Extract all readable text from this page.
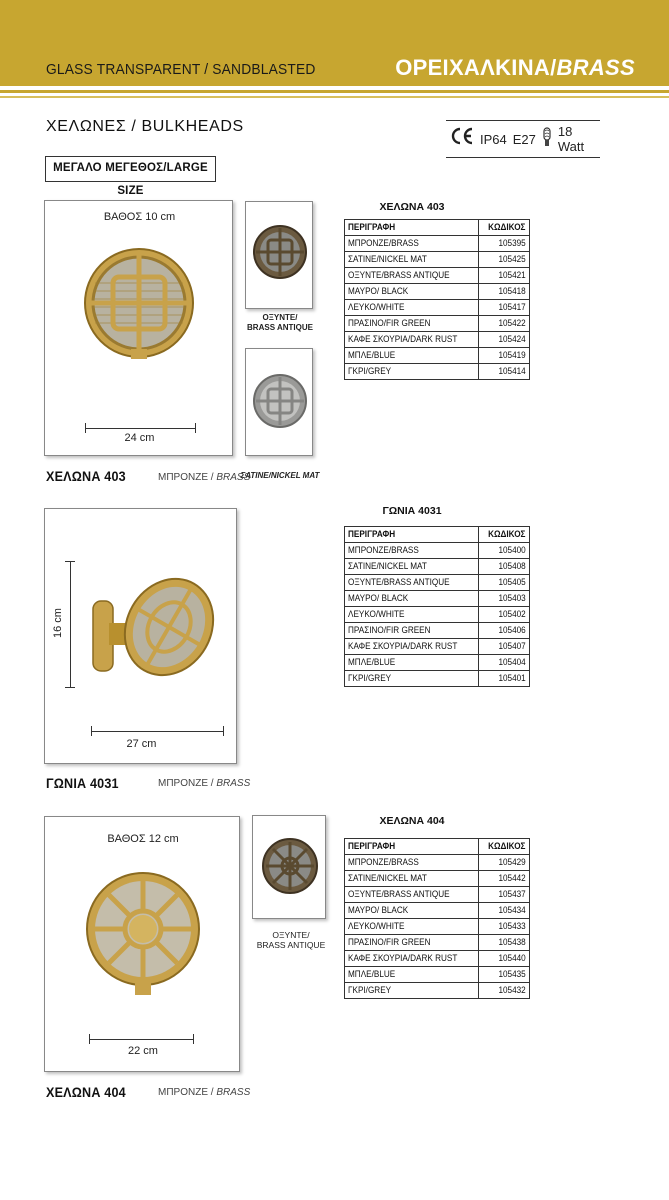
GLASS TRANSPARENT / SANDBLASTED	ΟΡΕΙΧΑΛΚΙΝΑ/BRASS
ΧΕΛΩΝΕΣ / BULKHEADS
ΜΕΓΑΛΟ ΜΕΓΕΘΟΣ/LARGE SIZE
IP64 E27 18 Watt
ΒΑΘΟΣ 10 cm
24 cm
ΟΞΥΝΤΕ/
BRASS ANTIQUE
ΣΑΤΙΝΕ/NICKEL MAT
ΧΕΛΩΝΑ 403	ΜΠΡΟΝΖΕ / BRASS
ΧΕΛΩΝΑ 403
ΠΕΡΙΓΡΑΦΗ	ΚΩΔΙΚΟΣ
ΜΠΡΟΝΖΕ/BRASS	105395
ΣΑΤΙΝΕ/NICKEL MAT	105425
ΟΞΥΝΤΕ/BRASS ANTIQUE	105421
ΜΑΥΡΟ/ BLACK	105418
ΛΕΥΚΟ/WHITE	105417
ΠΡΑΣΙΝΟ/FIR GREEN	105422
ΚΑΦΕ ΣΚΟΥΡΙΑ/DARK RUST	105424
ΜΠΛΕ/BLUE	105419
ΓΚΡΙ/GREY	105414
16 cm
27 cm
ΓΩΝΙΑ 4031	ΜΠΡΟΝΖΕ / BRASS
ΓΩΝΙΑ 4031
ΠΕΡΙΓΡΑΦΗ	ΚΩΔΙΚΟΣ
ΜΠΡΟΝΖΕ/BRASS	105400
ΣΑΤΙΝΕ/NICKEL MAT	105408
ΟΞΥΝΤΕ/BRASS ANTIQUE	105405
ΜΑΥΡΟ/ BLACK	105403
ΛΕΥΚΟ/WHITE	105402
ΠΡΑΣΙΝΟ/FIR GREEN	105406
ΚΑΦΕ ΣΚΟΥΡΙΑ/DARK RUST	105407
ΜΠΛΕ/BLUE	105404
ΓΚΡΙ/GREY	105401
ΒΑΘΟΣ 12 cm
22 cm
ΟΞΥΝΤΕ/
BRASS ANTIQUE
ΧΕΛΩΝΑ 404	ΜΠΡΟΝΖΕ / BRASS
ΧΕΛΩΝΑ 404
ΠΕΡΙΓΡΑΦΗ	ΚΩΔΙΚΟΣ
ΜΠΡΟΝΖΕ/BRASS	105429
ΣΑΤΙΝΕ/NICKEL MAT	105442
ΟΞΥΝΤΕ/BRASS ANTIQUE	105437
ΜΑΥΡΟ/ BLACK	105434
ΛΕΥΚΟ/WHITE	105433
ΠΡΑΣΙΝΟ/FIR GREEN	105438
ΚΑΦΕ ΣΚΟΥΡΙΑ/DARK RUST	105440
ΜΠΛΕ/BLUE	105435
ΓΚΡΙ/GREY	105432
